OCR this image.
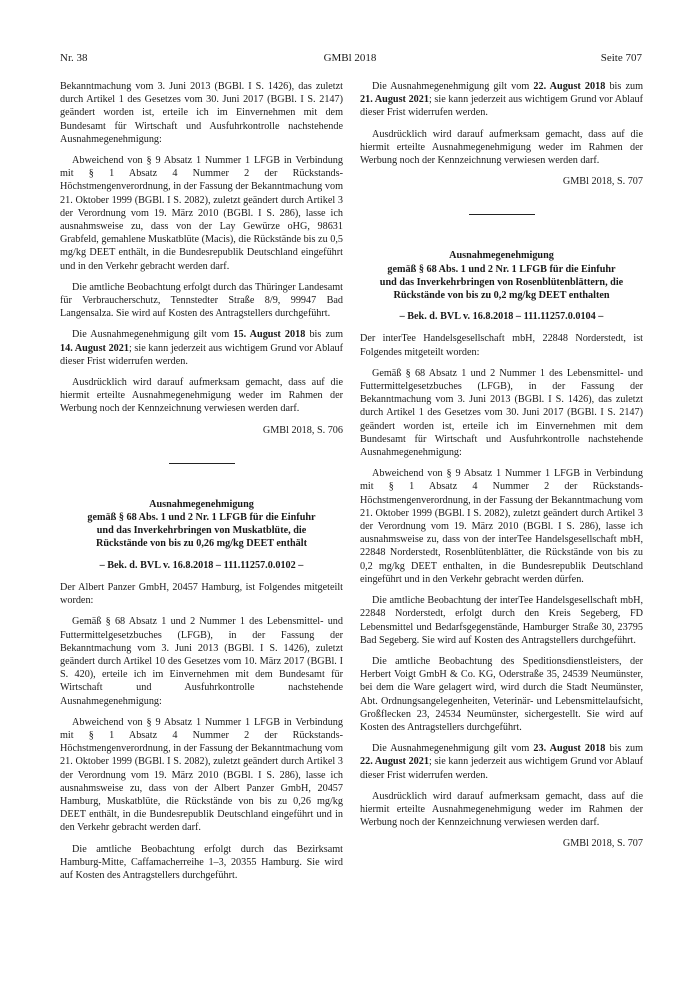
GMBl 2018
Nr. 38	Seite 707

Bekanntmachung vom 3. Juni 2013 (BGBl. I S. 1426), das zuletzt durch Artikel 1 des Gesetzes vom 30. Juni 2017 (BGBl. I S. 2147) geändert worden ist, erteile ich im Einvernehmen mit dem Bundesamt für Wirtschaft und Ausfuhrkontrolle nachstehende Ausnahmegenehmigung:

Abweichend von § 9 Absatz 1 Nummer 1 LFGB in Verbindung mit § 1 Absatz 4 Nummer 2 der Rückstands-Höchstmengenverordnung, in der Fassung der Bekanntmachung vom 21. Oktober 1999 (BGBl. I S. 2082), zuletzt geändert durch Artikel 3 der Verordnung vom 19. März 2010 (BGBl. I S. 286), lasse ich ausnahmsweise zu, dass von der Lay Gewürze oHG, 98631 Grabfeld, gemahlene Muskatblüte (Macis), die Rückstände bis zu 0,5 mg/kg DEET enthält, in die Bundesrepublik Deutschland eingeführt und in den Verkehr gebracht werden darf.

Die amtliche Beobachtung erfolgt durch das Thüringer Landesamt für Verbraucherschutz, Tennstedter Straße 8/9, 99947 Bad Langensalza. Sie wird auf Kosten des Antragstellers durchgeführt.

Die Ausnahmegenehmigung gilt vom 15. August 2018 bis zum 14. August 2021; sie kann jederzeit aus wichtigem Grund vor Ablauf dieser Frist widerrufen werden.

Ausdrücklich wird darauf aufmerksam gemacht, dass auf die hiermit erteilte Ausnahmegenehmigung weder im Rahmen der Werbung noch der Kennzeichnung verwiesen werden darf.

GMBl 2018, S. 706

Ausnahmegenehmigung
gemäß § 68 Abs. 1 und 2 Nr. 1 LFGB für die Einfuhr
und das Inverkehrbringen von Muskatblüte, die
Rückstände von bis zu 0,26 mg/kg DEET enthält
– Bek. d. BVL v. 16.8.2018 – 111.11257.0.0102 –

Der Albert Panzer GmbH, 20457 Hamburg, ist Folgendes mitgeteilt worden:

Gemäß § 68 Absatz 1 und 2 Nummer 1 des Lebensmittel- und Futtermittelgesetzbuches (LFGB), in der Fassung der Bekanntmachung vom 3. Juni 2013 (BGBl. I S. 1426), zuletzt geändert durch Artikel 10 des Gesetzes vom 10. März 2017 (BGBl. I S. 420), erteile ich im Einvernehmen mit dem Bundesamt für Wirtschaft und Ausfuhrkontrolle nachstehende Ausnahmegenehmigung:

Abweichend von § 9 Absatz 1 Nummer 1 LFGB in Verbindung mit § 1 Absatz 4 Nummer 2 der Rückstands-Höchstmengenverordnung, in der Fassung der Bekanntmachung vom 21. Oktober 1999 (BGBl. I S. 2082), zuletzt geändert durch Artikel 3 der Verordnung vom 19. März 2010 (BGBl. I S. 286), lasse ich ausnahmsweise zu, dass von der Albert Panzer GmbH, 20457 Hamburg, Muskatblüte, die Rückstände von bis zu 0,26 mg/kg DEET enthält, in die Bundesrepublik Deutschland eingeführt und in den Verkehr gebracht werden darf.

Die amtliche Beobachtung erfolgt durch das Bezirksamt Hamburg-Mitte, Caffamacherreihe 1–3, 20355 Hamburg. Sie wird auf Kosten des Antragstellers durchgeführt.

Die Ausnahmegenehmigung gilt vom 22. August 2018 bis zum 21. August 2021; sie kann jederzeit aus wichtigem Grund vor Ablauf dieser Frist widerrufen werden.

Ausdrücklich wird darauf aufmerksam gemacht, dass auf die hiermit erteilte Ausnahmegenehmigung weder im Rahmen der Werbung noch der Kennzeichnung verwiesen werden darf.

GMBl 2018, S. 707

Ausnahmegenehmigung
gemäß § 68 Abs. 1 und 2 Nr. 1 LFGB für die Einfuhr
und das Inverkehrbringen von Rosenblütenblättern, die
Rückstände von bis zu 0,2 mg/kg DEET enthalten
– Bek. d. BVL v. 16.8.2018 – 111.11257.0.0104 –

Der interTee Handelsgesellschaft mbH, 22848 Norderstedt, ist Folgendes mitgeteilt worden:

Gemäß § 68 Absatz 1 und 2 Nummer 1 des Lebensmittel- und Futtermittelgesetzbuches (LFGB), in der Fassung der Bekanntmachung vom 3. Juni 2013 (BGBl. I S. 1426), das zuletzt durch Artikel 1 des Gesetzes vom 30. Juni 2017 (BGBl. I S. 2147) geändert worden ist, erteile ich im Einvernehmen mit dem Bundesamt für Wirtschaft und Ausfuhrkontrolle nachstehende Ausnahmegenehmigung:

Abweichend von § 9 Absatz 1 Nummer 1 LFGB in Verbindung mit § 1 Absatz 4 Nummer 2 der Rückstands-Höchstmengenverordnung, in der Fassung der Bekanntmachung vom 21. Oktober 1999 (BGBl. I S. 2082), zuletzt geändert durch Artikel 3 der Verordnung vom 19. März 2010 (BGBl. I S. 286), lasse ich ausnahmsweise zu, dass von der interTee Handelsgesellschaft mbH, 22848 Norderstedt, Rosenblütenblätter, die Rückstände von bis zu 0,2 mg/kg DEET enthalten, in die Bundesrepublik Deutschland eingeführt und in den Verkehr gebracht werden dürfen.

Die amtliche Beobachtung der interTee Handelsgesellschaft mbH, 22848 Norderstedt, erfolgt durch den Kreis Segeberg, FD Lebensmittel und Bedarfsgegenstände, Hamburger Straße 30, 23795 Bad Segeberg. Sie wird auf Kosten des Antragstellers durchgeführt.

Die amtliche Beobachtung des Speditionsdienstleisters, der Herbert Voigt GmbH & Co. KG, Oderstraße 35, 24539 Neumünster, bei dem die Ware gelagert wird, wird durch die Stadt Neumünster, Abt. Ordnungsangelegenheiten, Veterinär- und Lebensmittelaufsicht, Großflecken 23, 24534 Neumünster, sichergestellt. Sie wird auf Kosten des Antragstellers durchgeführt.

Die Ausnahmegenehmigung gilt vom 23. August 2018 bis zum 22. August 2021; sie kann jederzeit aus wichtigem Grund vor Ablauf dieser Frist widerrufen werden.

Ausdrücklich wird darauf aufmerksam gemacht, dass auf die hiermit erteilte Ausnahmegenehmigung weder im Rahmen der Werbung noch der Kennzeichnung verwiesen werden darf.

GMBl 2018, S. 707
